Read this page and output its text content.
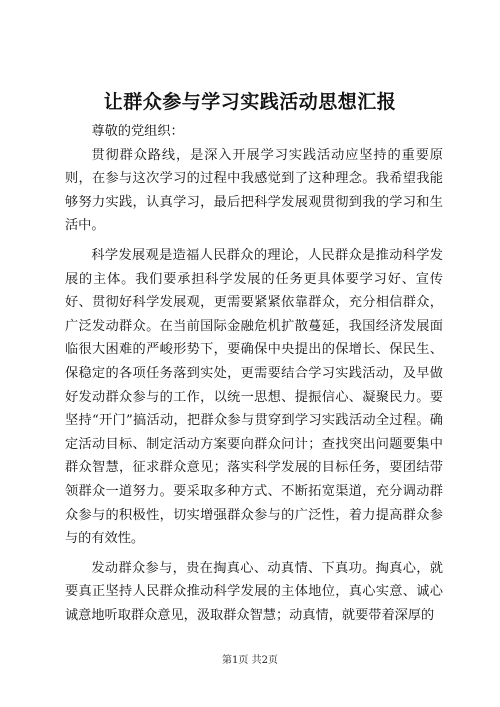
让群众参与学习实践活动思想汇报

尊敬的党组织：

贯彻群众路线，是深入开展学习实践活动应坚持的重要原则，在参与这次学习的过程中我感觉到了这种理念。我希望我能够努力实践，认真学习，最后把科学发展观贯彻到我的学习和生活中。

科学发展观是造福人民群众的理论，人民群众是推动科学发展的主体。我们要承担科学发展的任务更具体要学习好、宣传好、贯彻好科学发展观，更需要紧紧依靠群众，充分相信群众，广泛发动群众。在当前国际金融危机扩散蔓延，我国经济发展面临很大困难的严峻形势下，要确保中央提出的保增长、保民生、保稳定的各项任务落到实处，更需要结合学习实践活动，及早做好发动群众参与的工作，以统一思想、提振信心、凝聚民力。要坚持“开门”搞活动，把群众参与贯穿到学习实践活动全过程。确定活动目标、制定活动方案要向群众问计；查找突出问题要集中群众智慧，征求群众意见；落实科学发展的目标任务，要团结带领群众一道努力。要采取多种方式、不断拓宽渠道，充分调动群众参与的积极性，切实增强群众参与的广泛性，着力提高群众参与的有效性。

发动群众参与，贵在掏真心、动真情、下真功。掏真心，就要真正坚持人民群众推动科学发展的主体地位，真心实意、诚心诚意地听取群众意见，汲取群众智慧；动真情，就要带着深厚的

第1页 共2页
